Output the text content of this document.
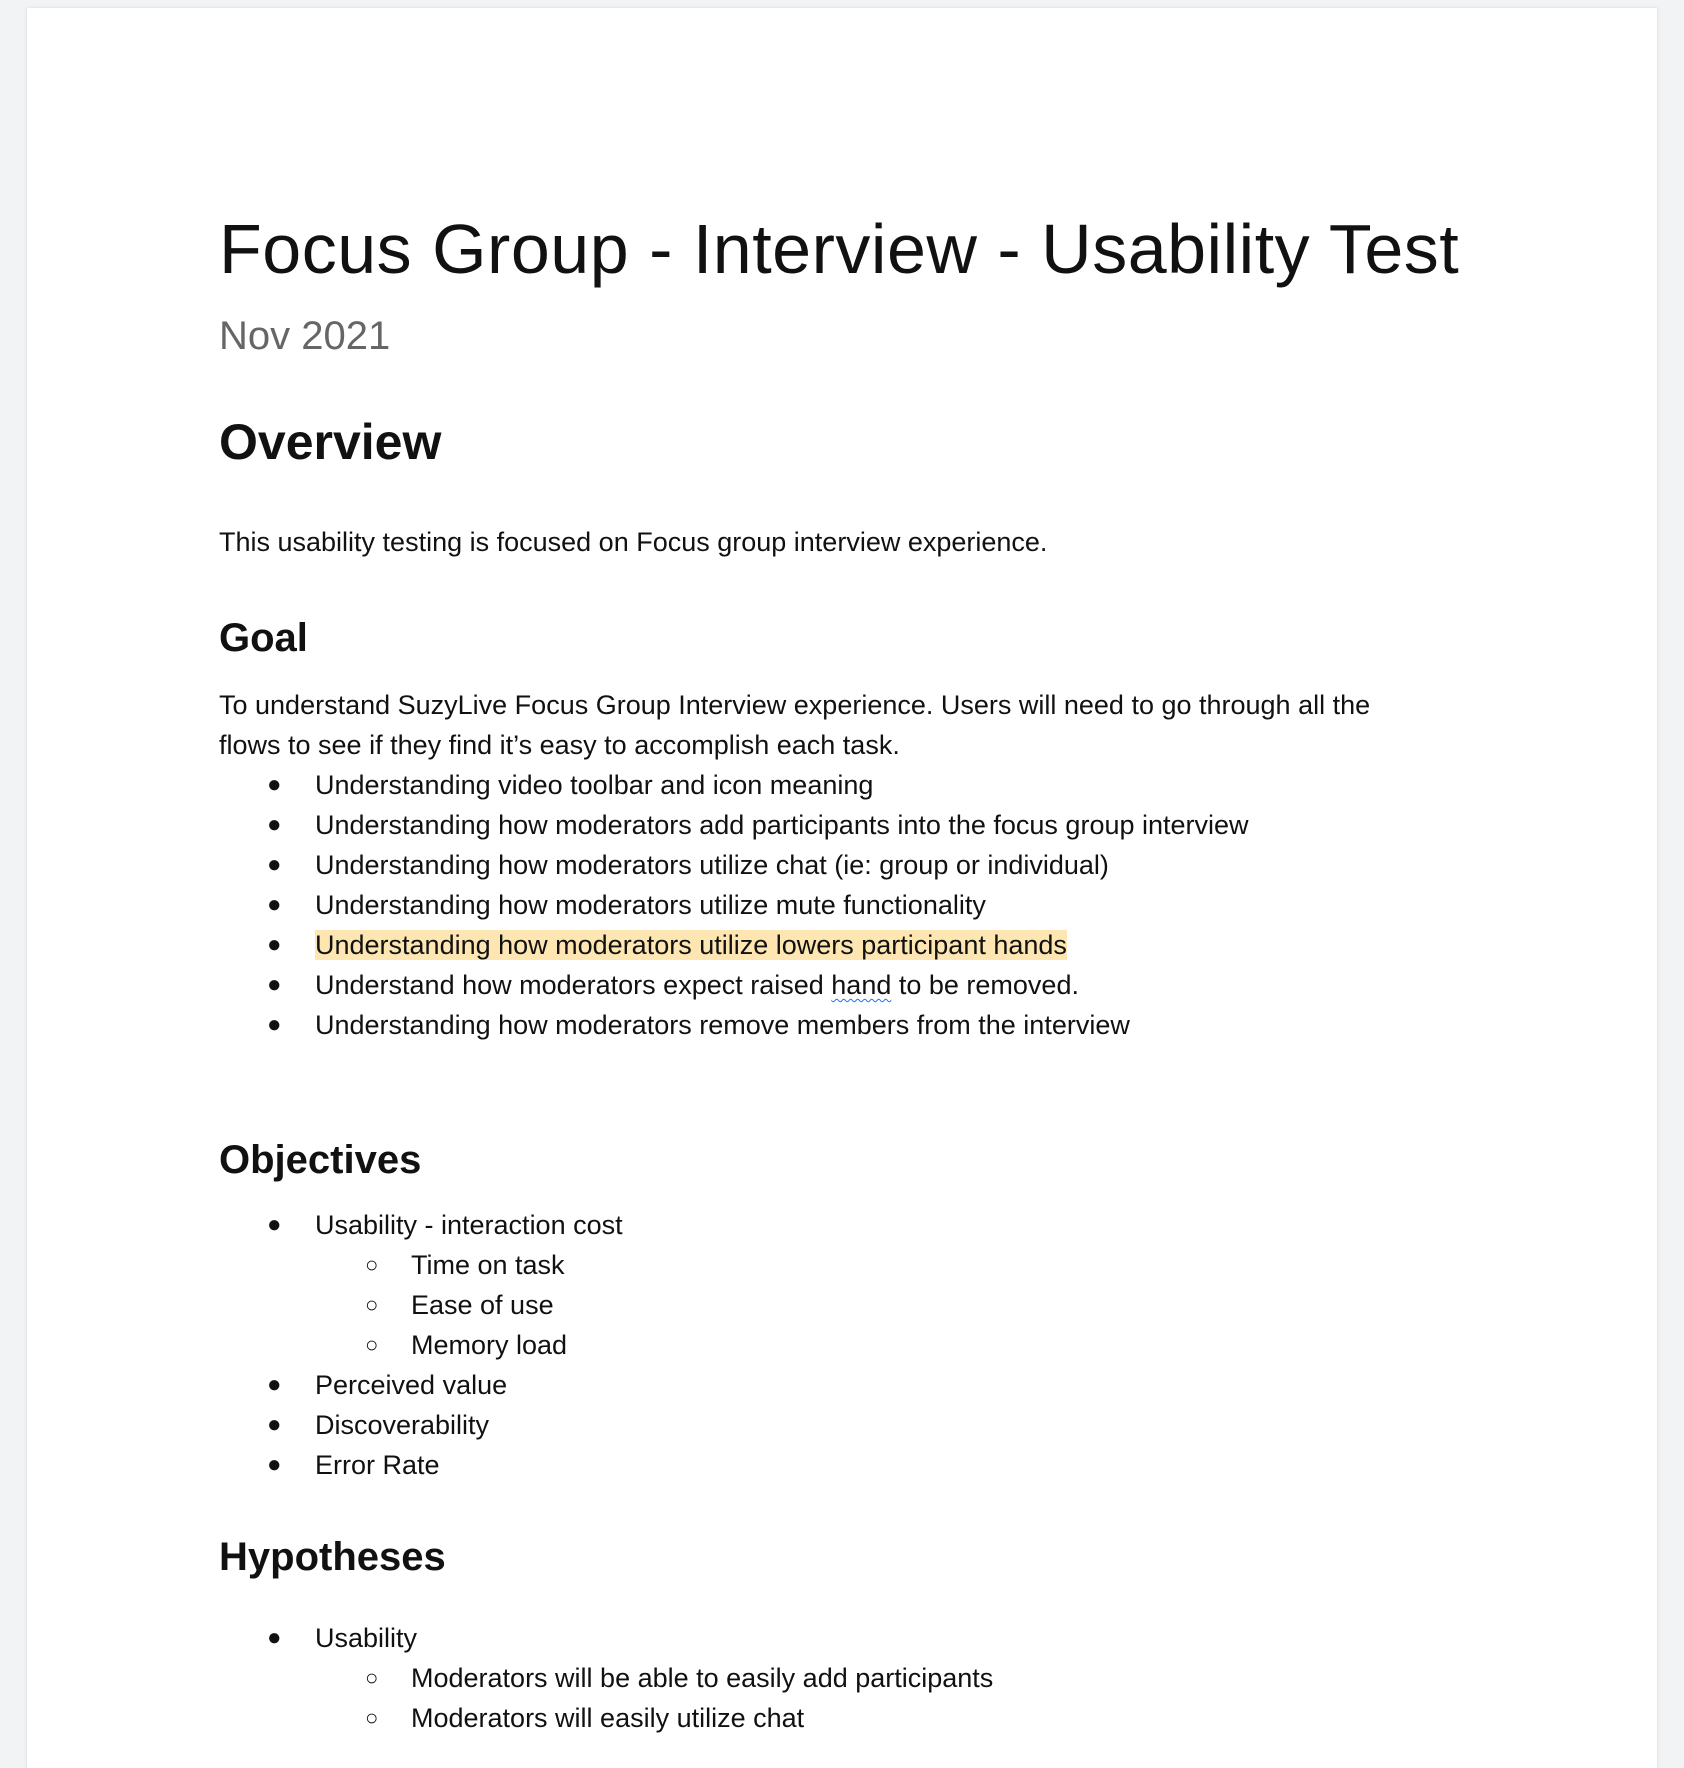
Focus Group - Interview - Usability Test
Nov 2021
Overview

This usability testing is focused on Focus group interview experience.

Goal

To understand SuzyLive Focus Group Interview experience. Users will need to go through all the

flows to see if they find it’s easy to accomplish each task.

● Understanding video toolbar and icon meaning
● Understanding how moderators add participants into the focus group interview
● Understanding how moderators utilize chat (ie: group or individual)
● Understanding how moderators utilize mute functionality
● Understanding how moderators utilize lowers participant hands
● Understand how moderators expect raised hand to be removed.
● Understanding how moderators remove members from the interview
Objectives
● Usability - interaction cost
○ Time on task
○ Ease of use
○ Memory load
● Perceived value
● Discoverability
● Error Rate
Hypotheses
● Usability
○ Moderators will be able to easily add participants
○ Moderators will easily utilize chat
